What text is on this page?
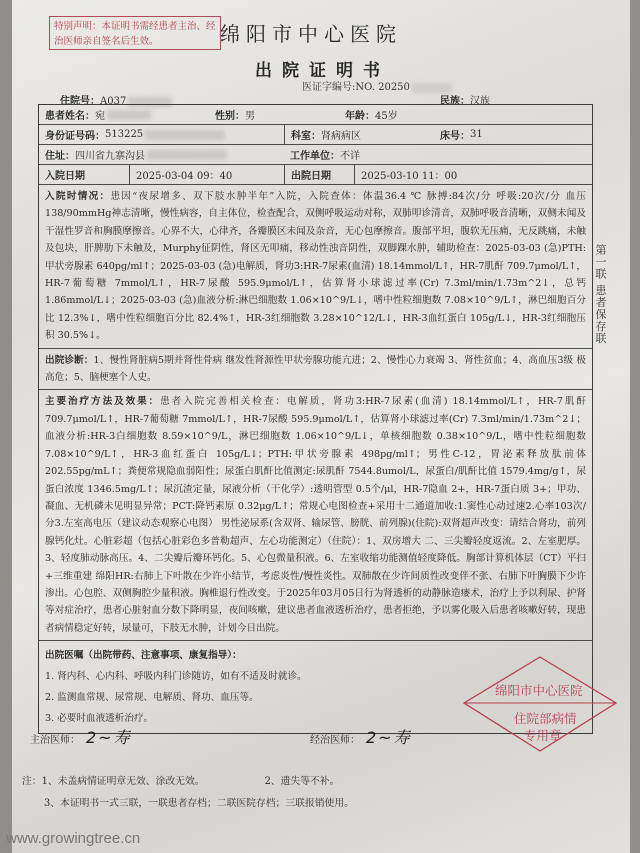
特别声明：本证明书需经患者主治、经治医师亲自签名后生效。	绵阳市中心医院
出院证明书
医证字编号:NO. 20250
住院号：A037	民族：汉族
患者姓名： 宛	性别： 男	年龄： 45岁
身份证号码： 513225	科室： 肾病病区	床号： 31
住址： 四川省九寨沟县	工作单位： 不详
入院日期	2025-03-04 09：40	出院日期	2025-03-10 11：00
入院时情况：患因“夜尿增多、双下肢水肿半年”入院，入院查体：体温36.4 ℃ 脉搏:84次/分 呼吸:20次/分 血压138/90mmHg神志清晰，慢性病容，自主体位，检查配合，双侧呼吸运动对称，双肺叩诊清音，双肺呼吸音清晰，双侧未闻及干湿性罗音和胸膜摩擦音。心界不大，心律齐，各瓣膜区未闻及杂音，无心包摩擦音。腹部平坦，腹软无压痛，无反跳痛，未触及包块，肝脾肋下未触及，Murphy征阴性，肾区无叩痛，移动性浊音阴性，双脚踝水肿，辅助检查：2025-03-03 (急)PTH:甲状旁腺素 640pg/ml↑；2025-03-03 (急)电解质，肾功3:HR-7尿素(血清) 18.14mmol/L↑，HR-7肌酐 709.7μmol/L↑，HR-7葡萄糖 7mmol/L↑，HR-7尿酸 595.9μmol/L↑，估算肾小球滤过率(Cr) 7.3ml/min/1.73m^2↓，总钙 1.86mmol/L↓；2025-03-03 (急)血液分析:淋巴细胞数 1.06×10^9/L↓，嗜中性粒细胞数 7.08×10^9/L↑，淋巴细胞百分比 12.3%↓，嗜中性粒细胞百分比 82.4%↑，HR-3红细胞数 3.28×10^12/L↓，HR-3血红蛋白 105g/L↓，HR-3红细胞压积 30.5%↓。
出院诊断：1、慢性肾脏病5期并肾性骨病 继发性肾源性甲状旁腺功能亢进；2、慢性心力衰竭 3、肾性贫血；4、高血压3级 极高危；5、脑梗塞个人史。
主要治疗方法及效果：患者入院完善相关检查：电解质，肾功3:HR-7尿素(血清) 18.14mmol/L↑，HR-7肌酐 709.7μmol/L↑，HR-7葡萄糖 7mmol/L↑，HR-7尿酸 595.9μmol/L↑，估算肾小球滤过率(Cr) 7.3ml/min/1.73m^2↓；血液分析:HR-3白细胞数 8.59×10^9/L，淋巴细胞数 1.06×10^9/L↓，单核细胞数 0.38×10^9/L，嗜中性粒细胞数 7.08×10^9/L↑，HR-3血红蛋白 105g/L↓；PTH:甲状旁腺素 498pg/ml↑；男性C-12，胃泌素释放肽前体 202.55pg/mL↑；粪便常规隐血弱阳性；尿蛋白肌酐比值测定:尿肌酐 7544.8umol/L，尿蛋白/肌酐比值 1579.4mg/g↑，尿蛋白浓度 1346.5mg/L↑；尿沉渣定量，尿液分析（干化学）:透明管型 0.5个/μl，HR-7隐血 2+，HR-7蛋白质 3+；甲功、凝血、无机磷未见明显异常；PCT:降钙素原 0.32μg/L↑；常规心电图检查+采用十二通道加收:1.窦性心动过速2.心率103次/分3.左室高电压（建议动态观察心电图） 男性泌尿系(含双肾、输尿管、膀胱、前列腺)(住院):双肾超声改变：请结合肾功，前列腺钙化灶。心脏彩超（包括心脏彩色多普勒超声、左心功能测定）（住院）：1、双房增大 二、三尖瓣轻度返流。2、左室肥厚。3、轻度肺动脉高压。4、二尖瓣后瓣环钙化。5、心包微量积液。6、左室收缩功能测值轻度降低。胸部计算机体层（CT）平扫+三维重建 绵阳HR:右肺上下叶散在少许小结节，考虑炎性/慢性炎性。双肺散在少许间质性改变伴不张、右肺下叶胸膜下少许渗出。心包腔、双侧胸腔少量积液。胸椎退行性改变。于2025年03月05日行为肾透析的动静脉造瘘术，治疗上予以利尿、护肾等对症治疗，患者心脏射血分数下降明显，夜间咳嗽，建议患者血液透析治疗，患者拒绝，予以雾化吸入后患者咳嗽好转，现患者病情稳定好转，尿量可，下肢无水肿，计划今日出院。
出院医嘱（出院带药、注意事项、康复指导）：
1. 肾内科、心内科、呼吸内科门诊随访，如有不适及时就诊。
2. 监测血常规、尿常规、电解质、肾功、血压等。
3. 必要时血液透析治疗。
第一联 患者保存联
绵阳市中心医院
住院部病情
专用章
主治医师： 2~寿	经治医师： 2~寿
注：1、未盖病情证明章无效、涂改无效。	2、遗失等不补。
3、本证明书一式三联，一联患者存档；二联医院存档；三联报销使用。
www.growingtree.cn
